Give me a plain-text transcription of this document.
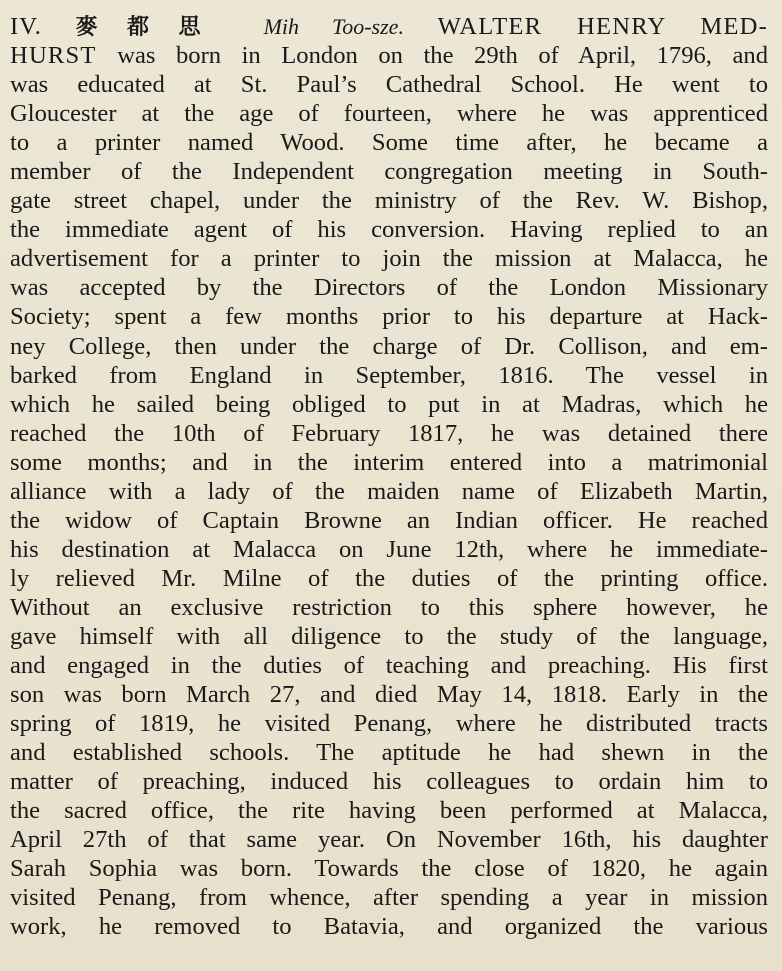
IV. 麥都思 Mih Too-sze. WALTER HENRY MED-
HURST was born in London on the 29th of April, 1796, and
was educated at St. Paul’s Cathedral School. He went to
Gloucester at the age of fourteen, where he was apprenticed
to a printer named Wood. Some time after, he became a
member of the Independent congregation meeting in South-
gate street chapel, under the ministry of the Rev. W. Bishop,
the immediate agent of his conversion. Having replied to an
advertisement for a printer to join the mission at Malacca, he
was accepted by the Directors of the London Missionary
Society; spent a few months prior to his departure at Hack-
ney College, then under the charge of Dr. Collison, and em-
barked from England in September, 1816. The vessel in
which he sailed being obliged to put in at Madras, which he
reached the 10th of February 1817, he was detained there
some months; and in the interim entered into a matrimonial
alliance with a lady of the maiden name of Elizabeth Martin,
the widow of Captain Browne an Indian officer. He reached
his destination at Malacca on June 12th, where he immediate-
ly relieved Mr. Milne of the duties of the printing office.
Without an exclusive restriction to this sphere however, he
gave himself with all diligence to the study of the language,
and engaged in the duties of teaching and preaching. His first
son was born March 27, and died May 14, 1818. Early in the
spring of 1819, he visited Penang, where he distributed tracts
and established schools. The aptitude he had shewn in the
matter of preaching, induced his colleagues to ordain him to
the sacred office, the rite having been performed at Malacca,
April 27th of that same year. On November 16th, his daughter
Sarah Sophia was born. Towards the close of 1820, he again
visited Penang, from whence, after spending a year in mission
work, he removed to Batavia, and organized the various
